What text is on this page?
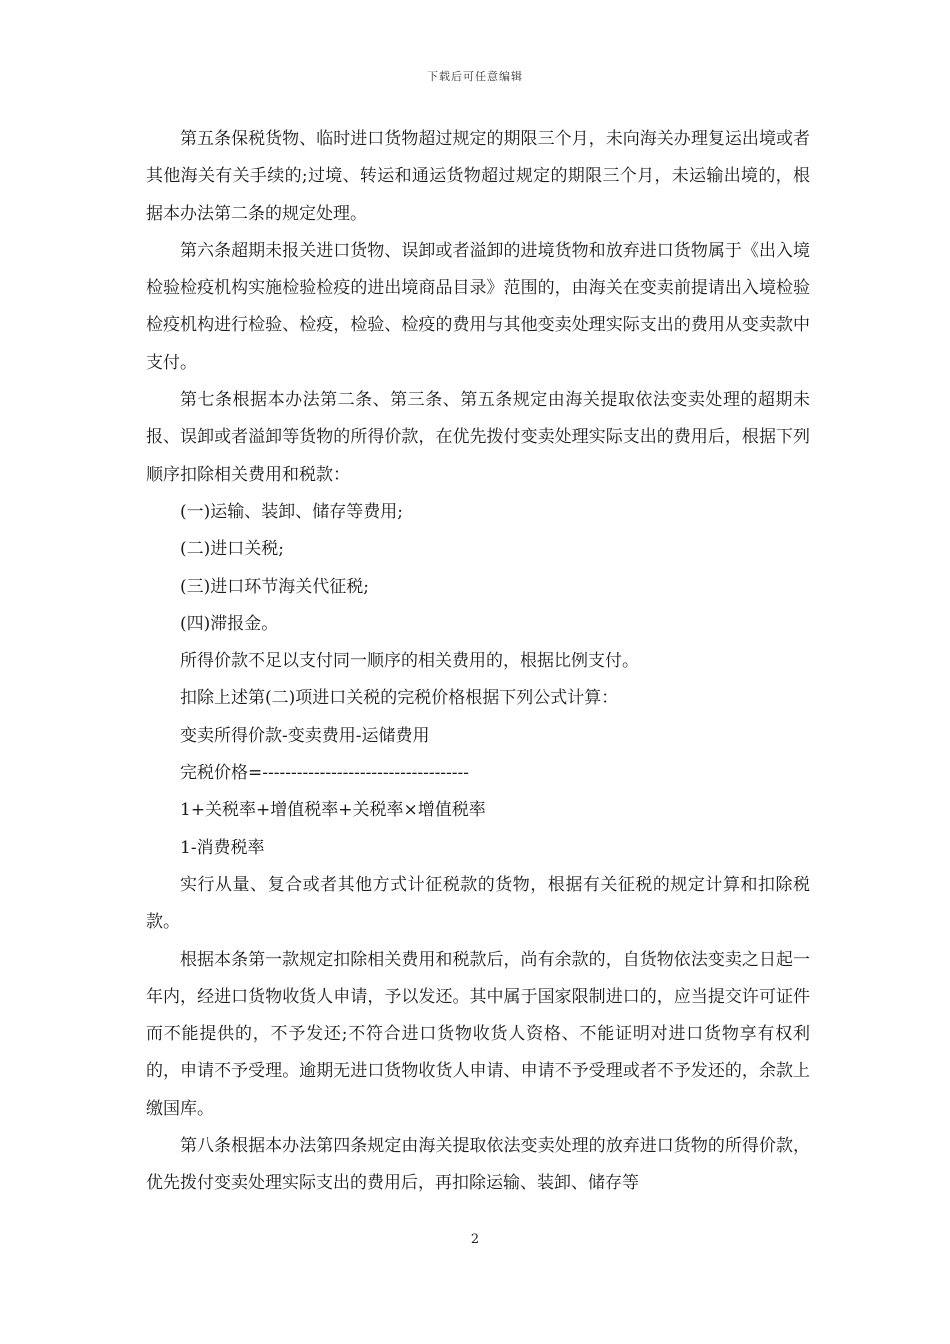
下载后可任意编辑

第五条保税货物、临时进口货物超过规定的期限三个月，未向海关办理复运出境或者其他海关有关手续的;过境、转运和通运货物超过规定的期限三个月，未运输出境的，根据本办法第二条的规定处理。

第六条超期未报关进口货物、误卸或者溢卸的进境货物和放弃进口货物属于《出入境检验检疫机构实施检验检疫的进出境商品目录》范围的，由海关在变卖前提请出入境检验检疫机构进行检验、检疫，检验、检疫的费用与其他变卖处理实际支出的费用从变卖款中支付。

第七条根据本办法第二条、第三条、第五条规定由海关提取依法变卖处理的超期未报、误卸或者溢卸等货物的所得价款，在优先拨付变卖处理实际支出的费用后，根据下列顺序扣除相关费用和税款：

(一)运输、装卸、储存等费用;

(二)进口关税;

(三)进口环节海关代征税;

(四)滞报金。

所得价款不足以支付同一顺序的相关费用的，根据比例支付。

扣除上述第(二)项进口关税的完税价格根据下列公式计算：

变卖所得价款-变卖费用-运储费用

完税价格=------------------------------------

1+关税率+增值税率+关税率×增值税率

1-消费税率

实行从量、复合或者其他方式计征税款的货物，根据有关征税的规定计算和扣除税款。

根据本条第一款规定扣除相关费用和税款后，尚有余款的，自货物依法变卖之日起一年内，经进口货物收货人申请，予以发还。其中属于国家限制进口的，应当提交许可证件而不能提供的，不予发还;不符合进口货物收货人资格、不能证明对进口货物享有权利的，申请不予受理。逾期无进口货物收货人申请、申请不予受理或者不予发还的，余款上缴国库。

第八条根据本办法第四条规定由海关提取依法变卖处理的放弃进口货物的所得价款，优先拨付变卖处理实际支出的费用后，再扣除运输、装卸、储存等

2
